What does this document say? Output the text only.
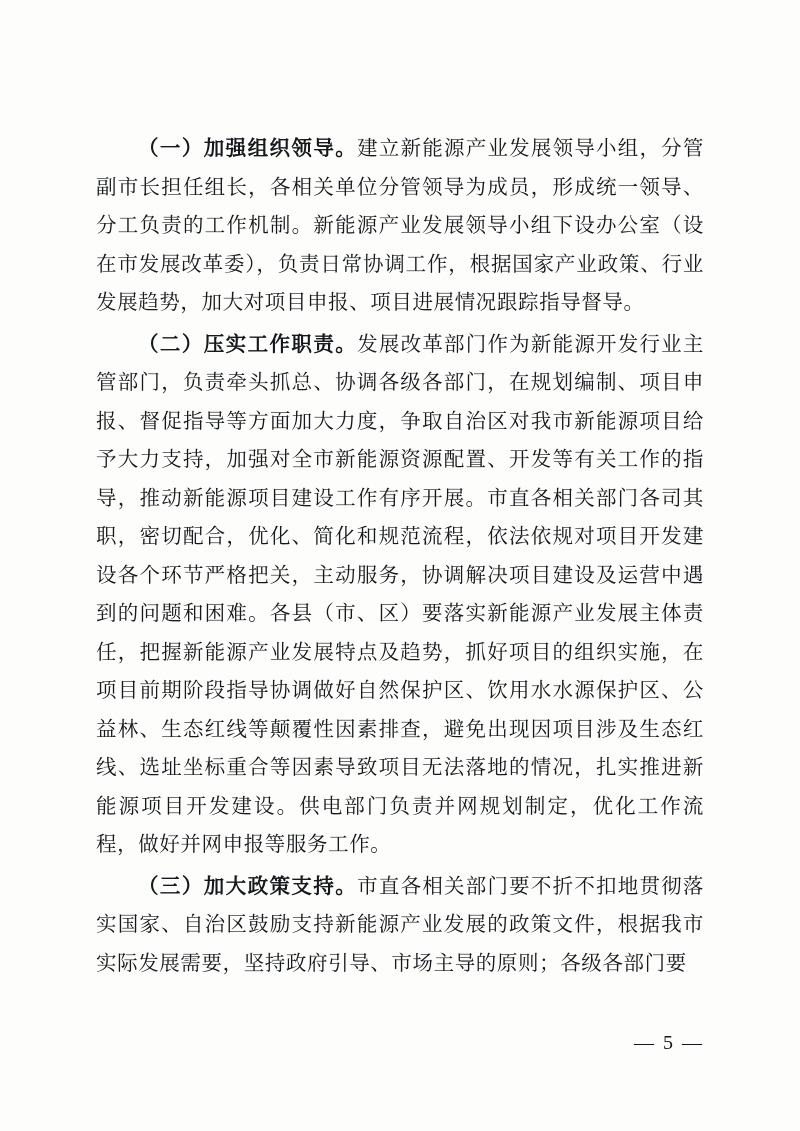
（一）加强组织领导。建立新能源产业发展领导小组，分管副市长担任组长，各相关单位分管领导为成员，形成统一领导、分工负责的工作机制。新能源产业发展领导小组下设办公室（设在市发展改革委），负责日常协调工作，根据国家产业政策、行业发展趋势，加大对项目申报、项目进展情况跟踪指导督导。

（二）压实工作职责。发展改革部门作为新能源开发行业主管部门，负责牵头抓总、协调各级各部门，在规划编制、项目申报、督促指导等方面加大力度，争取自治区对我市新能源项目给予大力支持，加强对全市新能源资源配置、开发等有关工作的指导，推动新能源项目建设工作有序开展。市直各相关部门各司其职，密切配合，优化、简化和规范流程，依法依规对项目开发建设各个环节严格把关，主动服务，协调解决项目建设及运营中遇到的问题和困难。各县（市、区）要落实新能源产业发展主体责任，把握新能源产业发展特点及趋势，抓好项目的组织实施，在项目前期阶段指导协调做好自然保护区、饮用水水源保护区、公益林、生态红线等颠覆性因素排查，避免出现因项目涉及生态红线、选址坐标重合等因素导致项目无法落地的情况，扎实推进新能源项目开发建设。供电部门负责并网规划制定，优化工作流程，做好并网申报等服务工作。

（三）加大政策支持。市直各相关部门要不折不扣地贯彻落实国家、自治区鼓励支持新能源产业发展的政策文件，根据我市实际发展需要，坚持政府引导、市场主导的原则；各级各部门要

— 5 —
